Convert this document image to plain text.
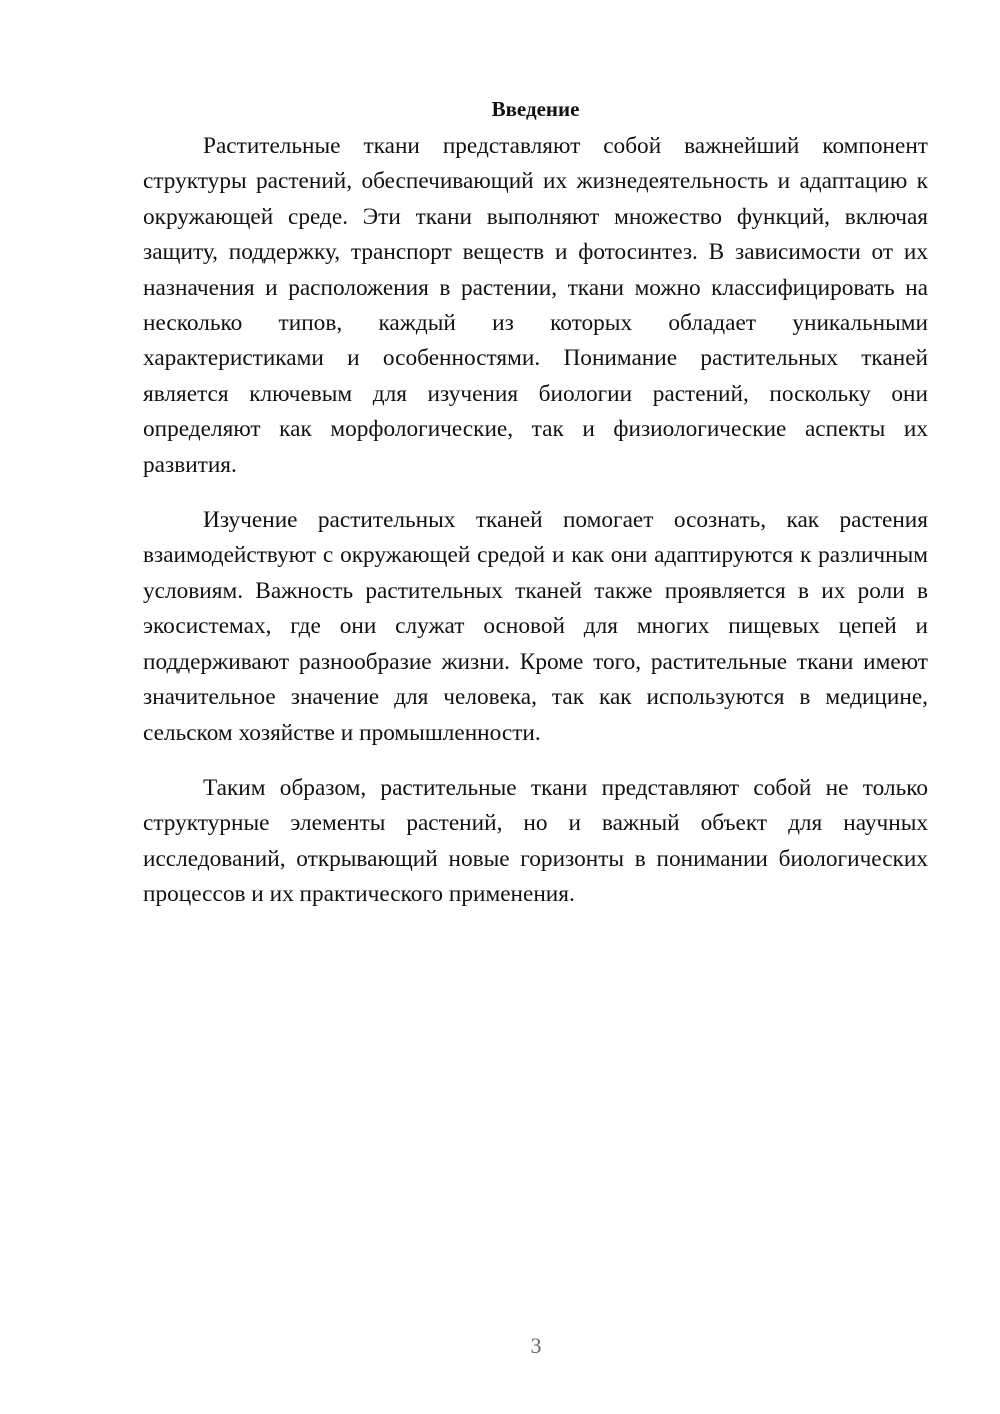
Введение

Растительные ткани представляют собой важнейший компонент структуры растений, обеспечивающий их жизнедеятельность и адаптацию к окружающей среде. Эти ткани выполняют множество функций, включая защиту, поддержку, транспорт веществ и фотосинтез. В зависимости от их назначения и расположения в растении, ткани можно классифицировать на несколько типов, каждый из которых обладает уникальными характеристиками и особенностями. Понимание растительных тканей является ключевым для изучения биологии растений, поскольку они определяют как морфологические, так и физиологические аспекты их развития.

Изучение растительных тканей помогает осознать, как растения взаимодействуют с окружающей средой и как они адаптируются к различным условиям. Важность растительных тканей также проявляется в их роли в экосистемах, где они служат основой для многих пищевых цепей и поддерживают разнообразие жизни. Кроме того, растительные ткани имеют значительное значение для человека, так как используются в медицине, сельском хозяйстве и промышленности.

Таким образом, растительные ткани представляют собой не только структурные элементы растений, но и важный объект для научных исследований, открывающий новые горизонты в понимании биологических процессов и их практического применения.

3
